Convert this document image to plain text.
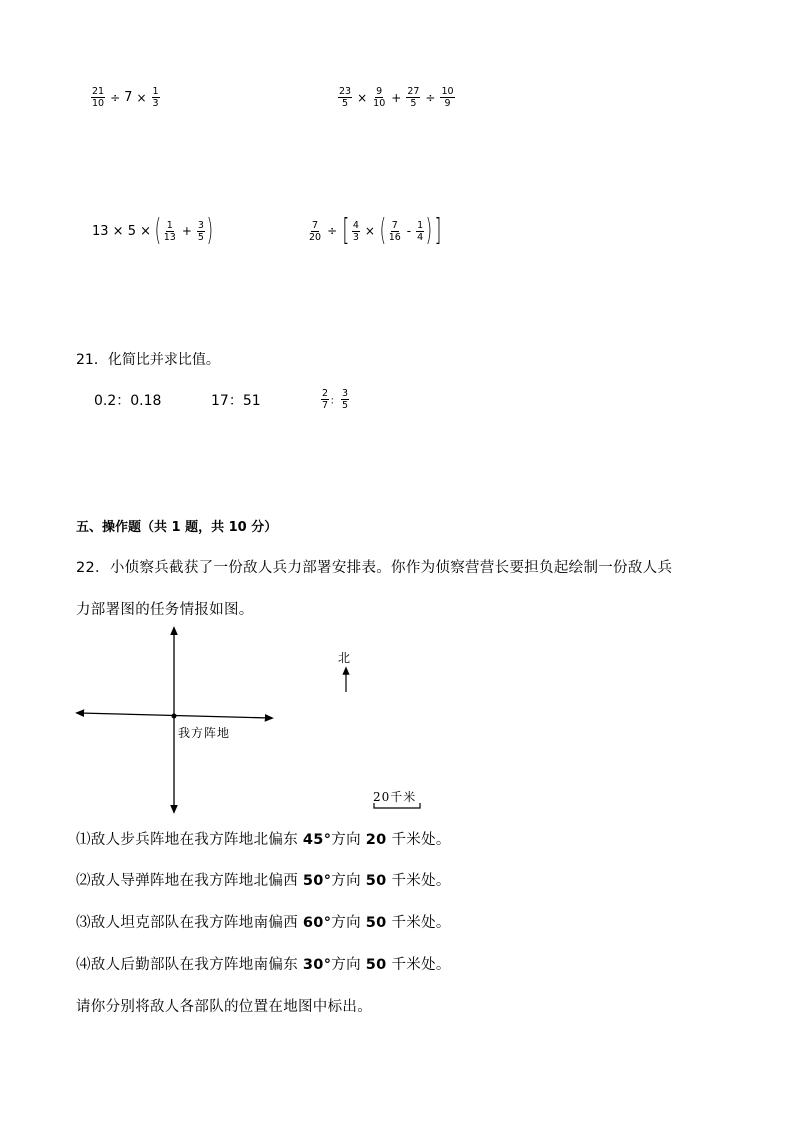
$\frac{21}{10} \div 7 \times \frac{1}{3}$	$\frac{23}{5} \times \frac{9}{10} + \frac{27}{5} \div \frac{10}{9}$
13 × 5 × ( $\frac{1}{13} + \frac{3}{5}$ )	$\frac{7}{20}$ ÷ [ $\frac{4}{3}$ × ( $\frac{7}{16} - \frac{1}{4}$ ) ]
21．化简比并求比值。
0.2：0.18	17：51	$\frac{2}{7}$ ： $\frac{3}{5}$
五、操作题（共 1 题，共 10 分）
22．小侦察兵截获了一份敌人兵力部署安排表。你作为侦察营营长要担负起绘制一份敌人兵
力部署图的任务情报如图。
我方阵地
北
20千米
⑴敌人步兵阵地在我方阵地北偏东 45°方向 20 千米处。
⑵敌人导弹阵地在我方阵地北偏西 50°方向 50 千米处。
⑶敌人坦克部队在我方阵地南偏西 60°方向 50 千米处。
⑷敌人后勤部队在我方阵地南偏东 30°方向 50 千米处。
请你分别将敌人各部队的位置在地图中标出。
